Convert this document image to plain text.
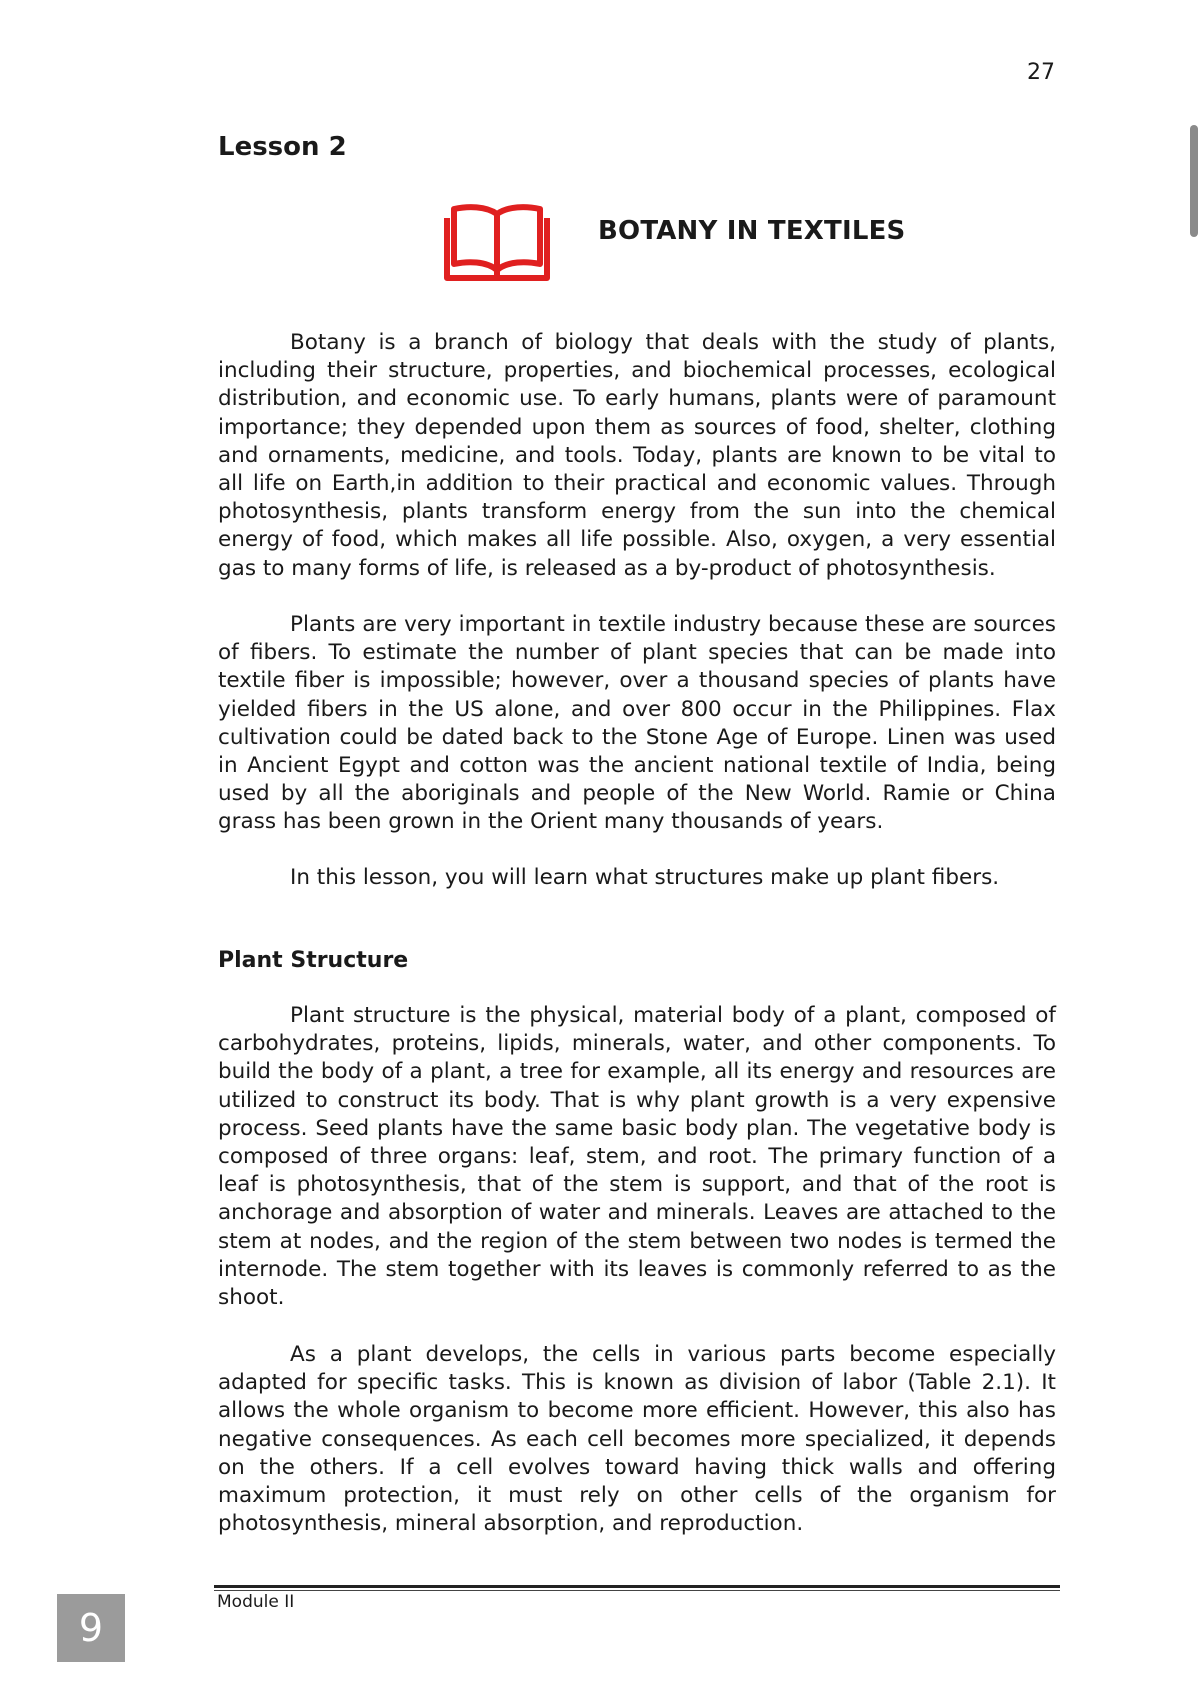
27
Lesson 2
BOTANY IN TEXTILES

Botany is a branch of biology that deals with the study of plants, including their structure, properties, and biochemical processes, ecological distribution, and economic use. To early humans, plants were of paramount importance; they depended upon them as sources of food, shelter, clothing and ornaments, medicine, and tools. Today, plants are known to be vital to all life on Earth,in addition to their practical and economic values. Through photosynthesis, plants transform energy from the sun into the chemical energy of food, which makes all life possible. Also, oxygen, a very essential gas to many forms of life, is released as a by-product of photosynthesis.

Plants are very important in textile industry because these are sources of fibers. To estimate the number of plant species that can be made into textile fiber is impossible; however, over a thousand species of plants have yielded fibers in the US alone, and over 800 occur in the Philippines. Flax cultivation could be dated back to the Stone Age of Europe. Linen was used in Ancient Egypt and cotton was the ancient national textile of India, being used by all the aboriginals and people of the New World. Ramie or China grass has been grown in the Orient many thousands of years.

In this lesson, you will learn what structures make up plant fibers.

Plant Structure

Plant structure is the physical, material body of a plant, composed of carbohydrates, proteins, lipids, minerals, water, and other components. To build the body of a plant, a tree for example, all its energy and resources are utilized to construct its body. That is why plant growth is a very expensive process. Seed plants have the same basic body plan. The vegetative body is composed of three organs: leaf, stem, and root. The primary function of a leaf is photosynthesis, that of the stem is support, and that of the root is anchorage and absorption of water and minerals. Leaves are attached to the stem at nodes, and the region of the stem between two nodes is termed the internode. The stem together with its leaves is commonly referred to as the shoot.

As a plant develops, the cells in various parts become especially adapted for specific tasks. This is known as division of labor (Table 2.1). It allows the whole organism to become more efficient. However, this also has negative consequences. As each cell becomes more specialized, it depends on the others. If a cell evolves toward having thick walls and offering maximum protection, it must rely on other cells of the organism for photosynthesis, mineral absorption, and reproduction.

Module II
9
